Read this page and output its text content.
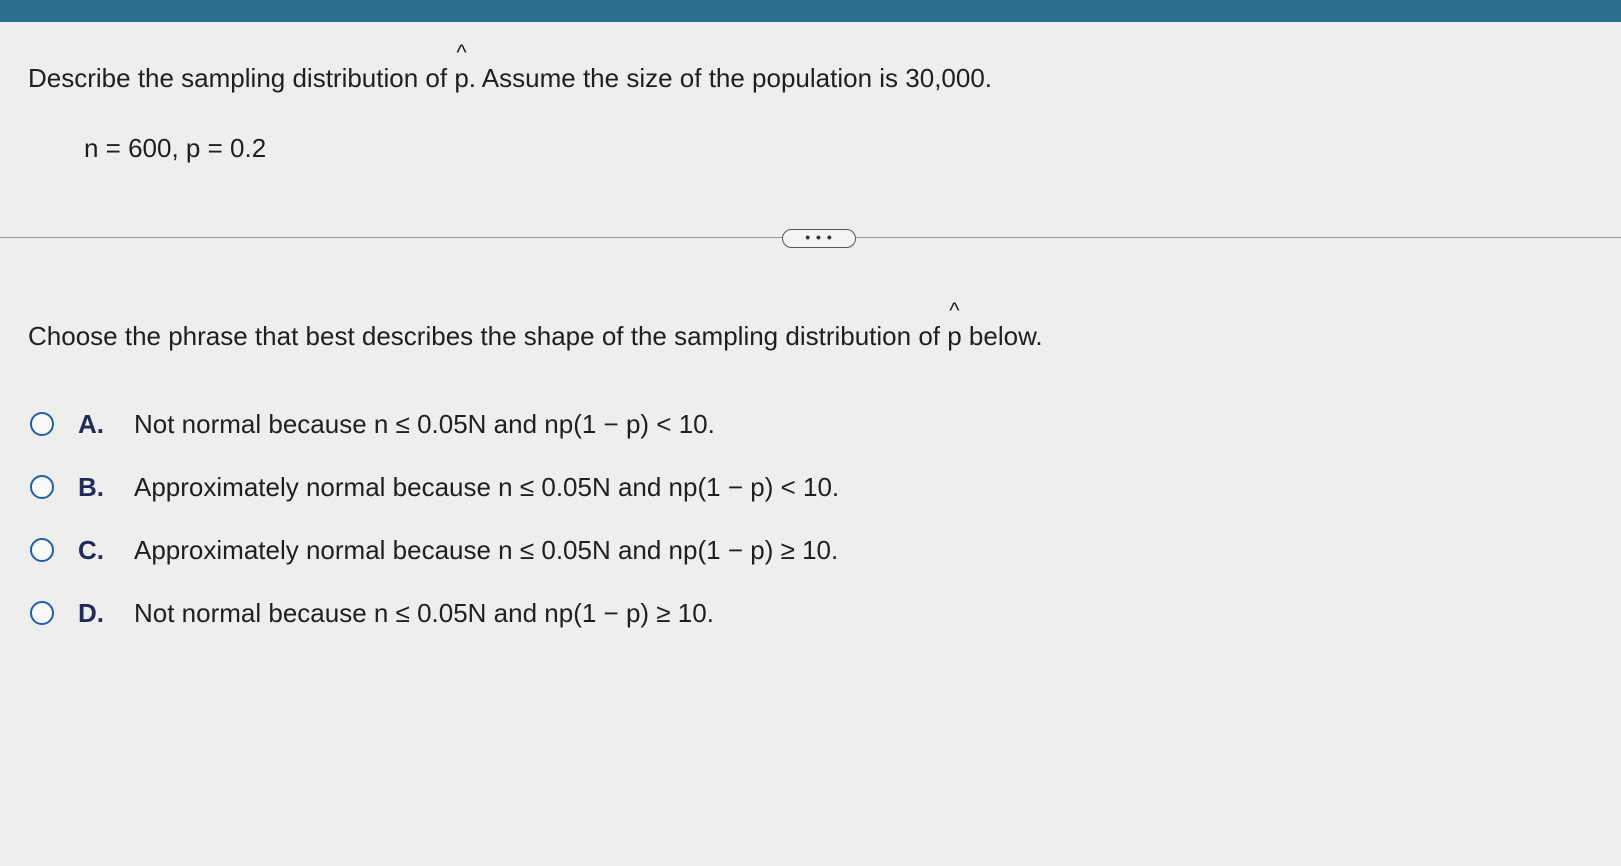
Describe the sampling distribution of
^
p. Assume the size of the population is 30,000.
n = 600, p = 0.2
• • •
Choose the phrase that best describes the shape of the sampling distribution of
^
p below.
A. Not normal because n ≤ 0.05N and np(1 − p) < 10.
B. Approximately normal because n ≤ 0.05N and np(1 − p) < 10.
C. Approximately normal because n ≤ 0.05N and np(1 − p) ≥ 10.
D. Not normal because n ≤ 0.05N and np(1 − p) ≥ 10.
